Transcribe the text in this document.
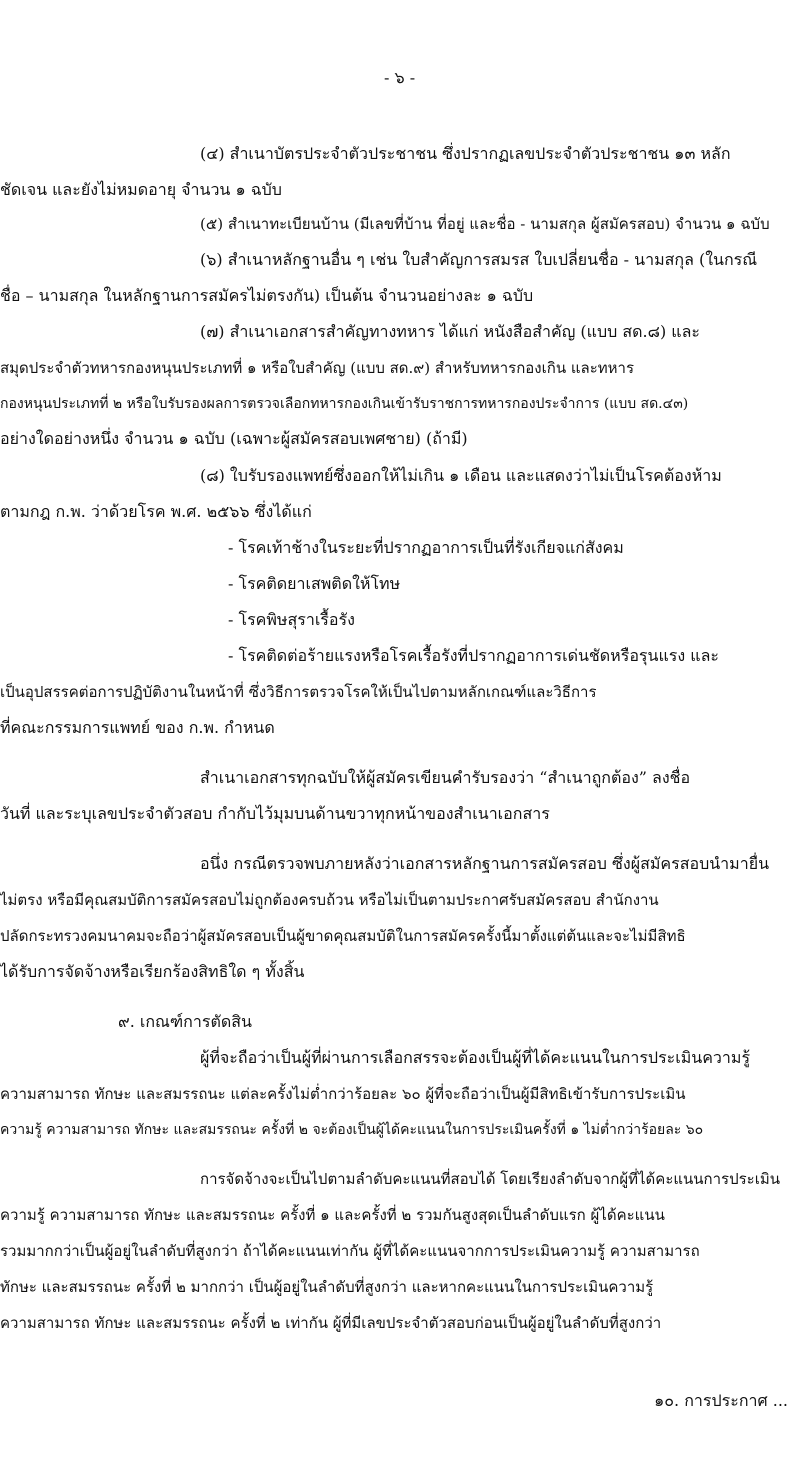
- ๖ -
(๔) สำเนาบัตรประจำตัวประชาชน ซึ่งปรากฏเลขประจำตัวประชาชน ๑๓ หลัก
ชัดเจน และยังไม่หมดอายุ จำนวน ๑ ฉบับ
(๕) สำเนาทะเบียนบ้าน (มีเลขที่บ้าน ที่อยู่ และชื่อ - นามสกุล ผู้สมัครสอบ) จำนวน ๑ ฉบับ
(๖) สำเนาหลักฐานอื่น ๆ เช่น ใบสำคัญการสมรส ใบเปลี่ยนชื่อ - นามสกุล (ในกรณี
ชื่อ – นามสกุล ในหลักฐานการสมัครไม่ตรงกัน) เป็นต้น จำนวนอย่างละ ๑ ฉบับ
(๗) สำเนาเอกสารสำคัญทางทหาร ได้แก่ หนังสือสำคัญ (แบบ สด.๘) และ
สมุดประจำตัวทหารกองหนุนประเภทที่ ๑ หรือใบสำคัญ (แบบ สด.๙) สำหรับทหารกองเกิน และทหาร
กองหนุนประเภทที่ ๒ หรือใบรับรองผลการตรวจเลือกทหารกองเกินเข้ารับราชการทหารกองประจำการ (แบบ สด.๔๓)
อย่างใดอย่างหนึ่ง จำนวน ๑ ฉบับ (เฉพาะผู้สมัครสอบเพศชาย) (ถ้ามี)
(๘) ใบรับรองแพทย์ซึ่งออกให้ไม่เกิน ๑ เดือน และแสดงว่าไม่เป็นโรคต้องห้าม
ตามกฎ ก.พ. ว่าด้วยโรค พ.ศ. ๒๕๖๖ ซึ่งได้แก่
- โรคเท้าช้างในระยะที่ปรากฏอาการเป็นที่รังเกียจแก่สังคม
- โรคติดยาเสพติดให้โทษ
- โรคพิษสุราเรื้อรัง
- โรคติดต่อร้ายแรงหรือโรคเรื้อรังที่ปรากฏอาการเด่นชัดหรือรุนแรง และ
เป็นอุปสรรคต่อการปฏิบัติงานในหน้าที่ ซึ่งวิธีการตรวจโรคให้เป็นไปตามหลักเกณฑ์และวิธีการ
ที่คณะกรรมการแพทย์ ของ ก.พ. กำหนด
สำเนาเอกสารทุกฉบับให้ผู้สมัครเขียนคำรับรองว่า “สำเนาถูกต้อง” ลงชื่อ
วันที่ และระบุเลขประจำตัวสอบ กำกับไว้มุมบนด้านขวาทุกหน้าของสำเนาเอกสาร
อนึ่ง กรณีตรวจพบภายหลังว่าเอกสารหลักฐานการสมัครสอบ ซึ่งผู้สมัครสอบนำมายื่น
ไม่ตรง หรือมีคุณสมบัติการสมัครสอบไม่ถูกต้องครบถ้วน หรือไม่เป็นตามประกาศรับสมัครสอบ สำนักงาน
ปลัดกระทรวงคมนาคมจะถือว่าผู้สมัครสอบเป็นผู้ขาดคุณสมบัติในการสมัครครั้งนี้มาตั้งแต่ต้นและจะไม่มีสิทธิ
ได้รับการจัดจ้างหรือเรียกร้องสิทธิใด ๆ ทั้งสิ้น
๙. เกณฑ์การตัดสิน
ผู้ที่จะถือว่าเป็นผู้ที่ผ่านการเลือกสรรจะต้องเป็นผู้ที่ได้คะแนนในการประเมินความรู้
ความสามารถ ทักษะ และสมรรถนะ แต่ละครั้งไม่ต่ำกว่าร้อยละ ๖๐ ผู้ที่จะถือว่าเป็นผู้มีสิทธิเข้ารับการประเมิน
ความรู้ ความสามารถ ทักษะ และสมรรถนะ ครั้งที่ ๒ จะต้องเป็นผู้ได้คะแนนในการประเมินครั้งที่ ๑ ไม่ต่ำกว่าร้อยละ ๖๐
การจัดจ้างจะเป็นไปตามลำดับคะแนนที่สอบได้ โดยเรียงลำดับจากผู้ที่ได้คะแนนการประเมิน
ความรู้ ความสามารถ ทักษะ และสมรรถนะ ครั้งที่ ๑ และครั้งที่ ๒ รวมกันสูงสุดเป็นลำดับแรก ผู้ได้คะแนน
รวมมากกว่าเป็นผู้อยู่ในลำดับที่สูงกว่า ถ้าได้คะแนนเท่ากัน ผู้ที่ได้คะแนนจากการประเมินความรู้ ความสามารถ
ทักษะ และสมรรถนะ ครั้งที่ ๒ มากกว่า เป็นผู้อยู่ในลำดับที่สูงกว่า และหากคะแนนในการประเมินความรู้
ความสามารถ ทักษะ และสมรรถนะ ครั้งที่ ๒ เท่ากัน ผู้ที่มีเลขประจำตัวสอบก่อนเป็นผู้อยู่ในลำดับที่สูงกว่า
๑๐. การประกาศ ...
